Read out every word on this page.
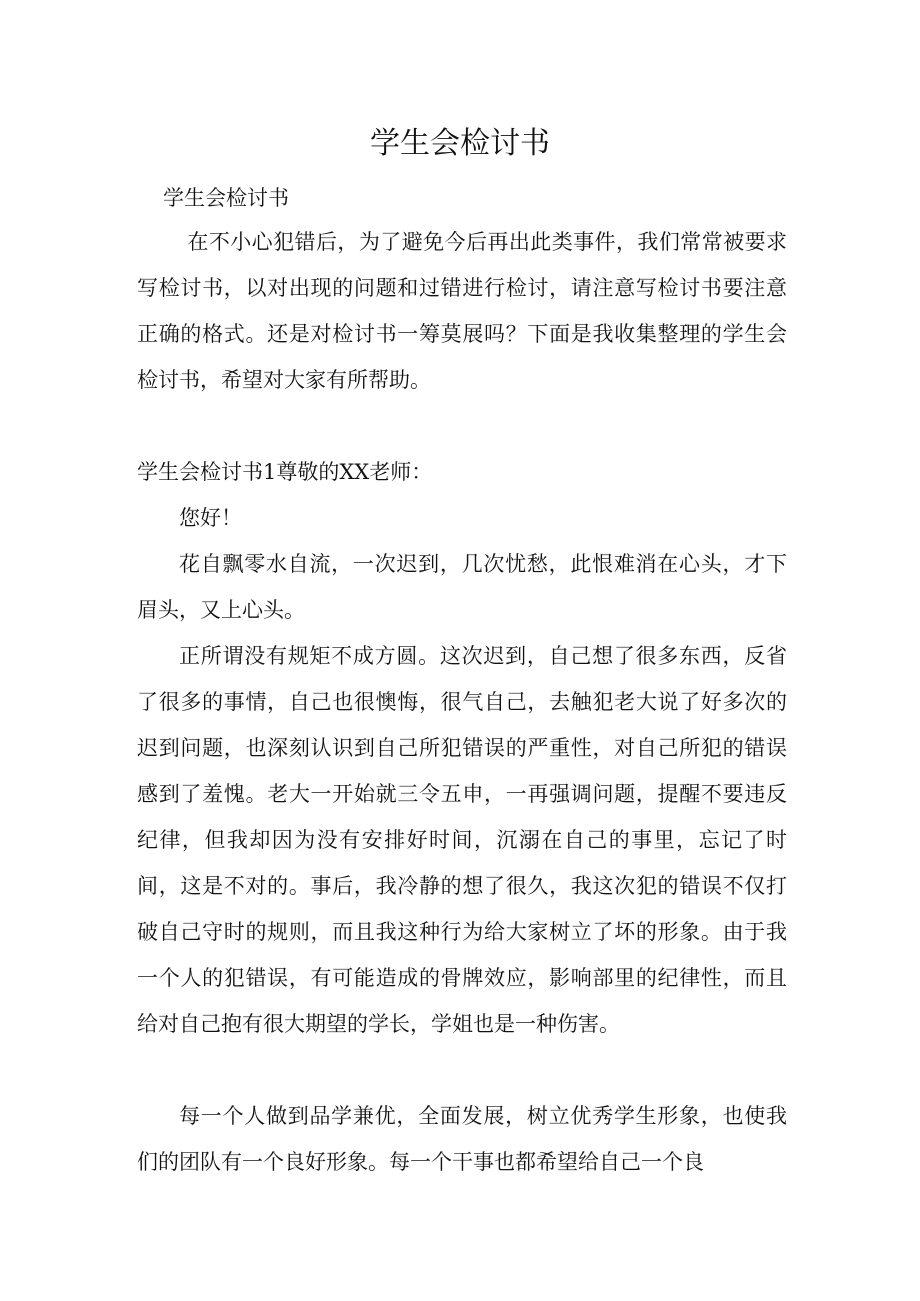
学生会检讨书

学生会检讨书

在不小心犯错后，为了避免今后再出此类事件，我们常常被要求写检讨书，以对出现的问题和过错进行检讨，请注意写检讨书要注意正确的格式。还是对检讨书一筹莫展吗？下面是我收集整理的学生会检讨书，希望对大家有所帮助。

学生会检讨书1尊敬的XX老师：

您好！

花自飘零水自流，一次迟到，几次忧愁，此恨难消在心头，才下眉头，又上心头。

正所谓没有规矩不成方圆。这次迟到，自己想了很多东西，反省了很多的事情，自己也很懊悔，很气自己，去触犯老大说了好多次的迟到问题，也深刻认识到自己所犯错误的严重性，对自己所犯的错误感到了羞愧。老大一开始就三令五申，一再强调问题，提醒不要违反纪律，但我却因为没有安排好时间，沉溺在自己的事里，忘记了时间，这是不对的。事后，我冷静的想了很久，我这次犯的错误不仅打破自己守时的规则，而且我这种行为给大家树立了坏的形象。由于我一个人的犯错误，有可能造成的骨牌效应，影响部里的纪律性，而且给对自己抱有很大期望的学长，学姐也是一种伤害。

每一个人做到品学兼优，全面发展，树立优秀学生形象，也使我们的团队有一个良好形象。每一个干事也都希望给自己一个良
